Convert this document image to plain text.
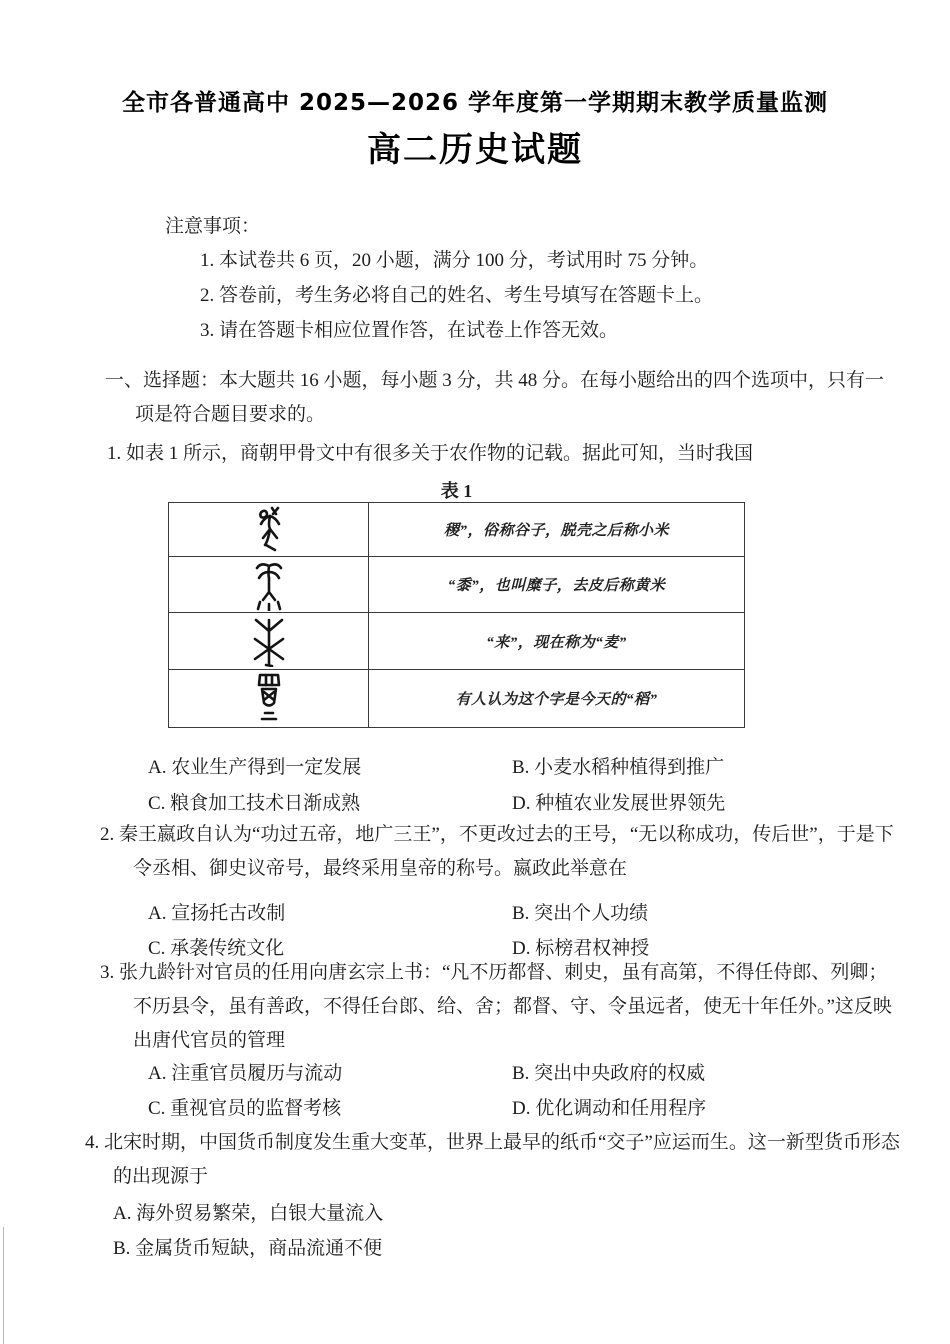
全市各普通高中 2025—2026 学年度第一学期期末教学质量监测
高二历史试题
注意事项：
1. 本试卷共 6 页，20 小题，满分 100 分，考试用时 75 分钟。
2. 答卷前，考生务必将自己的姓名、考生号填写在答题卡上。
3. 请在答题卡相应位置作答，在试卷上作答无效。
一、选择题：本大题共 16 小题，每小题 3 分，共 48 分。在每小题给出的四个选项中，只有一项是符合题目要求的。
1. 如表 1 所示，商朝甲骨文中有很多关于农作物的记载。据此可知，当时我国
表 1
	稷”，俗称谷子，脱壳之后称小米

	“黍”，也叫糜子，去皮后称黄米

	“来”，现在称为“麦”

	有人认为这个字是今天的“稻”
A. 农业生产得到一定发展	B. 小麦水稻种植得到推广
C. 粮食加工技术日渐成熟	D. 种植农业发展世界领先
2. 秦王嬴政自认为“功过五帝，地广三王”，不更改过去的王号，“无以称成功，传后世”，于是下令丞相、御史议帝号，最终采用皇帝的称号。嬴政此举意在
A. 宣扬托古改制	B. 突出个人功绩
C. 承袭传统文化	D. 标榜君权神授
3. 张九龄针对官员的任用向唐玄宗上书：“凡不历都督、刺史，虽有高第，不得任侍郎、列卿；不历县令，虽有善政，不得任台郎、给、舍；都督、守、令虽远者，使无十年任外。”这反映出唐代官员的管理
A. 注重官员履历与流动	B. 突出中央政府的权威
C. 重视官员的监督考核	D. 优化调动和任用程序
4. 北宋时期，中国货币制度发生重大变革，世界上最早的纸币“交子”应运而生。这一新型货币形态的出现源于
A. 海外贸易繁荣，白银大量流入
B. 金属货币短缺，商品流通不便
